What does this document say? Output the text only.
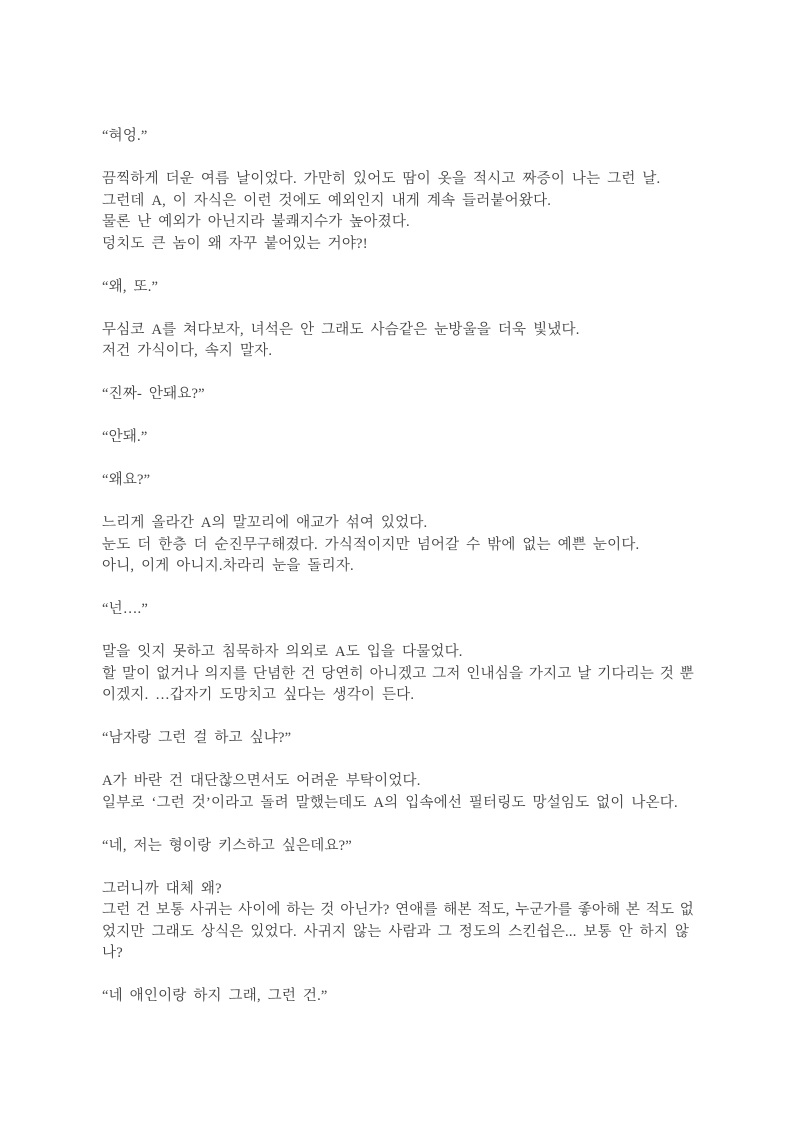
“혀엉.”
끔찍하게 더운 여름 날이었다. 가만히 있어도 땀이 옷을 적시고 짜증이 나는 그런 날.
그런데 A, 이 자식은 이런 것에도 예외인지 내게 계속 들러붙어왔다.
물론 난 예외가 아닌지라 불쾌지수가 높아졌다.
덩치도 큰 놈이 왜 자꾸 붙어있는 거야?!
“왜, 또.”
무심코 A를 쳐다보자, 녀석은 안 그래도 사슴같은 눈방울을 더욱 빛냈다.
저건 가식이다, 속지 말자.
“진짜- 안돼요?”
“안돼.”
“왜요?”
느리게 올라간 A의 말꼬리에 애교가 섞여 있었다.
눈도 더 한층 더 순진무구해졌다. 가식적이지만 넘어갈 수 밖에 없는 예쁜 눈이다.
아니, 이게 아니지.차라리 눈을 돌리자.
“넌….”
말을 잇지 못하고 침묵하자 의외로 A도 입을 다물었다.
할 말이 없거나 의지를 단념한 건 당연히 아니겠고 그저 인내심을 가지고 날 기다리는 것 뿐
이겠지. …갑자기 도망치고 싶다는 생각이 든다.
“남자랑 그런 걸 하고 싶냐?”
A가 바란 건 대단찮으면서도 어려운 부탁이었다.
일부로 ‘그런 것’이라고 돌려 말했는데도 A의 입속에선 필터링도 망설임도 없이 나온다.
“네, 저는 형이랑 키스하고 싶은데요?”
그러니까 대체 왜?
그런 건 보통 사귀는 사이에 하는 것 아닌가? 연애를 해본 적도, 누군가를 좋아해 본 적도 없
었지만 그래도 상식은 있었다. 사귀지 않는 사람과 그 정도의 스킨쉽은... 보통 안 하지 않나?
“네 애인이랑 하지 그래, 그런 건.”
